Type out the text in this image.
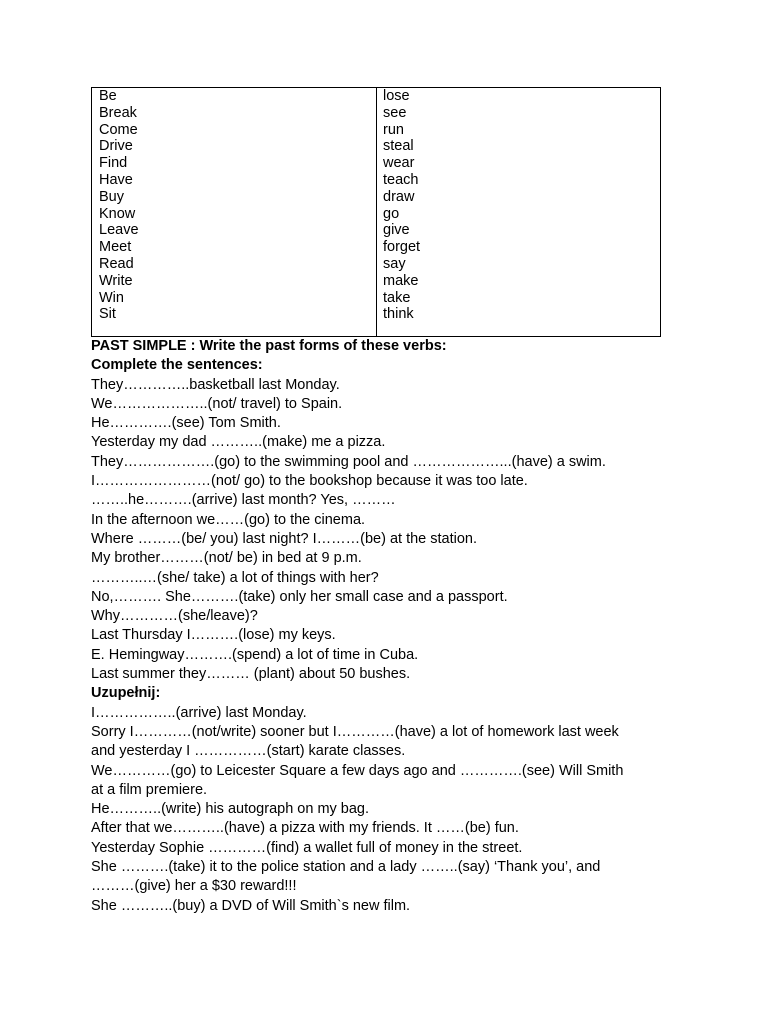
Be
Break
Come
Drive
Find
Have
Buy
Know
Leave
Meet
Read
Write
Win
Sit
lose
see
run
steal
wear
teach
draw
go
give
forget
say
make
take
think
PAST SIMPLE : Write the past forms of these verbs:
Complete the sentences:
They…………..basketball last Monday.
We………………..(not/ travel) to Spain.
He………….(see) Tom Smith.
Yesterday my dad ………..(make) me a pizza.
They……………….(go) to the swimming pool and ………………...(have) a swim.
I……………………(not/ go) to the bookshop because it was too late.
……..he……….(arrive) last month? Yes, ………
In the afternoon we……(go) to the cinema.
Where ………(be/ you) last night? I………(be) at the station.
My brother………(not/ be) in bed at 9 p.m.
………..…(she/ take) a lot of things with her?
No,………. She……….(take) only her small case and a passport.
Why…………(she/leave)?
Last Thursday I……….(lose) my keys.
E. Hemingway……….(spend) a lot of time in Cuba.
Last summer they……… (plant) about 50 bushes.
Uzupełnij:
I……………..(arrive) last Monday.
Sorry I…………(not/write) sooner but I…………(have) a lot of homework last week
and yesterday I ……………(start) karate classes.
We…………(go) to Leicester Square a few days ago and ………….(see) Will Smith
at a film premiere.
He………..(write) his autograph on my bag.
After that we………..(have) a pizza with my friends. It ……(be) fun.
Yesterday Sophie …………(find) a wallet full of money in the street.
She ……….(take) it to the police station and a lady ……..(say) ‘Thank you’, and
………(give) her a $30 reward!!!
She ………..(buy) a DVD of Will Smith`s new film.
